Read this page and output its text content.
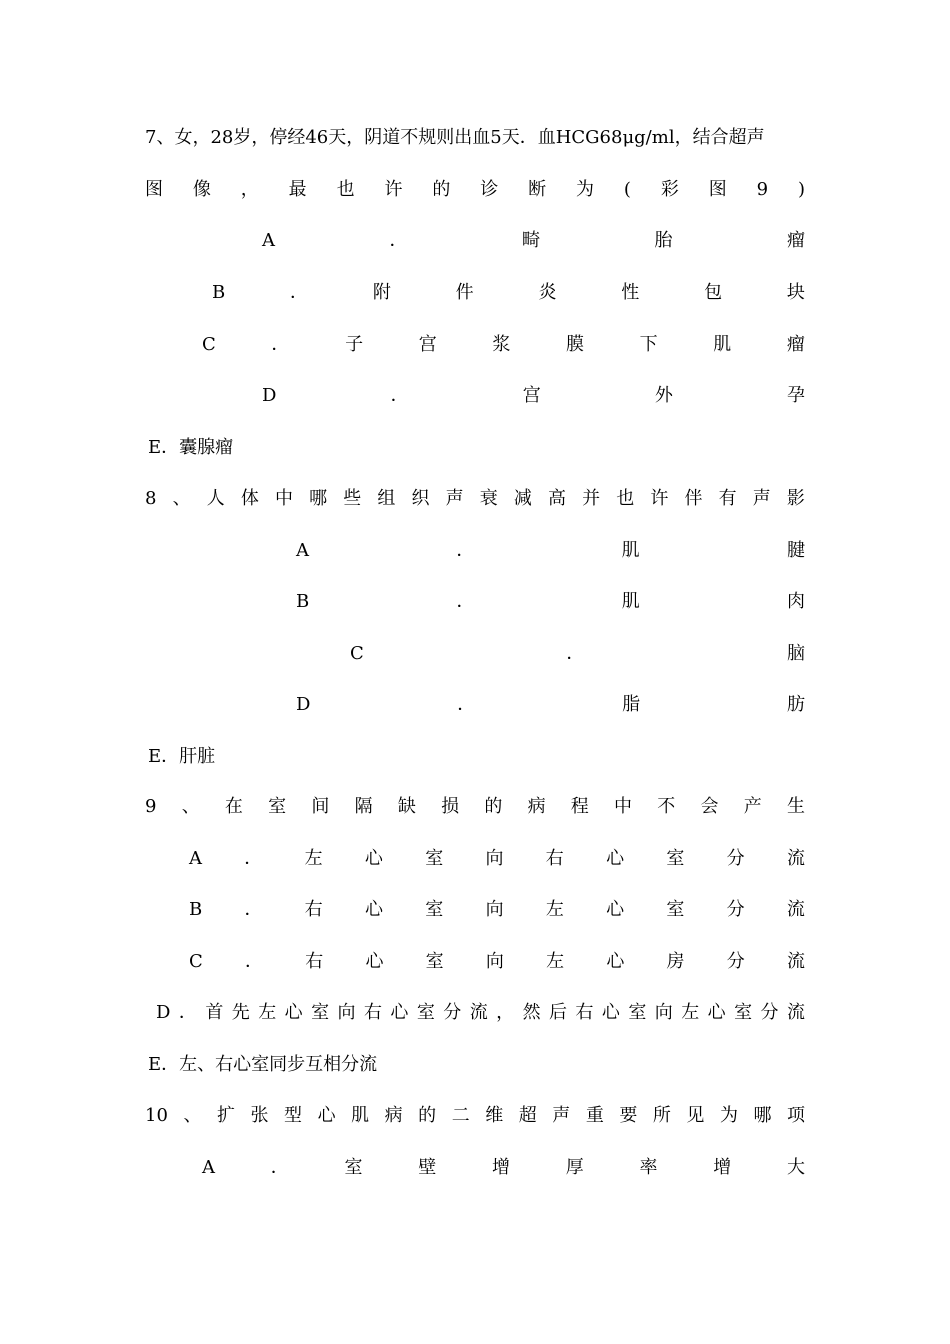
7、女，28岁，停经46天，阴道不规则出血5天．血HCG68μg/ml，结合超声
图 像 ， 最 也 许 的 诊 断 为 ( 彩 图 9 )
A	．	畸	胎	瘤
B	．	附	件	炎	性	包	块
C	．	子	宫	浆	膜	下	肌	瘤
D	．	宫	外	孕
E．囊腺瘤
8 、 人 体 中 哪 些 组 织 声 衰 减 高 并 也 许 伴 有 声 影
A	．	肌	腱
B	．	肌	肉
C	．	脑
D	．	脂	肪
E．肝脏
9 、 在 室 间 隔 缺 损 的 病 程 中 不 会 产 生
A ． 左 心 室 向 右 心 室 分 流
B ． 右 心 室 向 左 心 室 分 流
C ． 右 心 室 向 左 心 房 分 流
D ． 首 先 左 心 室 向 右 心 室 分 流 ， 然 后 右 心 室 向 左 心 室 分 流
E．左、右心室同步互相分流
10 、 扩 张 型 心 肌 病 的 二 维 超 声 重 要 所 见 为 哪 项
A	．	室	壁	增	厚	率	增	大
